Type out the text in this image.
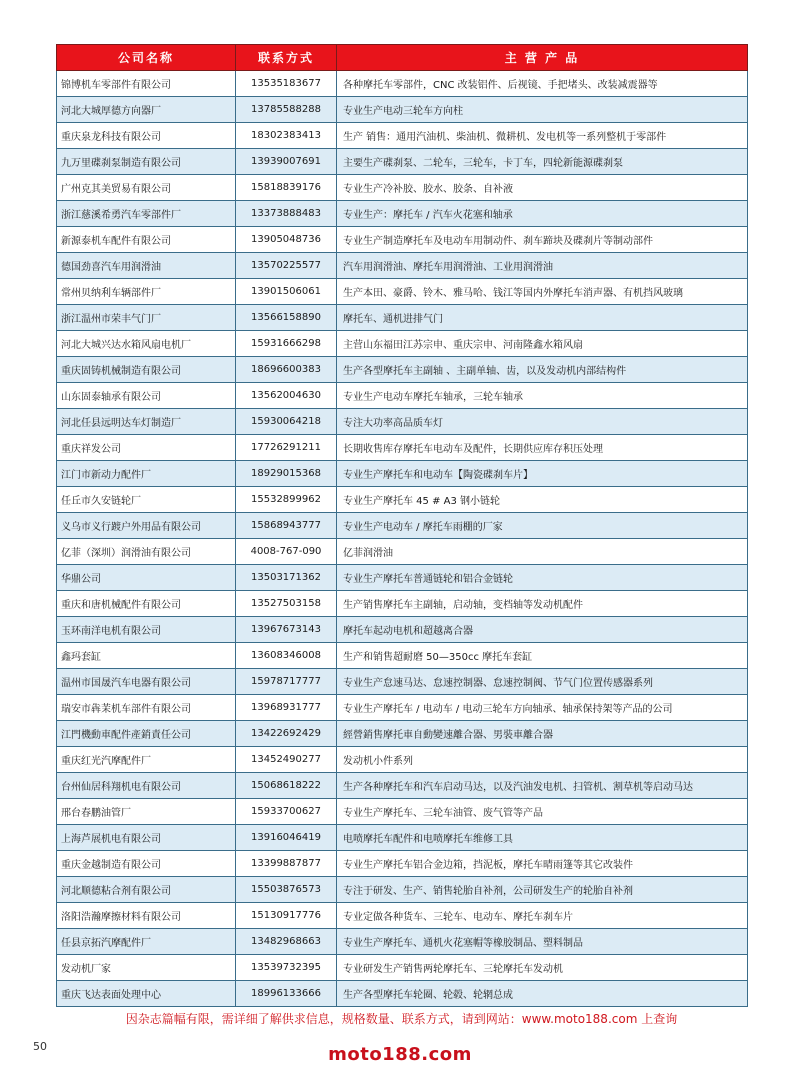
公司名称	联系方式	主 营 产 品
锦博机车零部件有限公司	13535183677	各种摩托车零部件，CNC 改装铝件、后视镜、手把堵头、改装减震器等
河北大城厚德方向器厂	13785588288	专业生产电动三轮车方向柱
重庆泉龙科技有限公司	18302383413	生产 销售：通用汽油机、柴油机、微耕机、发电机等一系列整机于零部件
九万里碟刹泵制造有限公司	13939007691	主要生产碟刹泵、二轮车，三轮车，卡丁车，四轮新能源碟刹泵
广州克其美贸易有限公司	15818839176	专业生产冷补胶、胶水、胶条、自补液
浙江慈溪希勇汽车零部件厂	13373888483	专业生产：摩托车 / 汽车火花塞和轴承
新源泰机车配件有限公司	13905048736	专业生产制造摩托车及电动车用制动件、刹车蹄块及碟刹片等制动部件
德国劲喜汽车用润滑油	13570225577	汽车用润滑油、摩托车用润滑油、工业用润滑油
常州贝纳利车辆部件厂	13901506061	生产本田、豪爵、铃木、雅马哈、钱江等国内外摩托车消声器、有机挡风玻璃
浙江温州市荣丰气门厂	13566158890	摩托车、通机进排气门
河北大城兴达水箱风扇电机厂	15931666298	主营山东福田江苏宗申、重庆宗申、河南隆鑫水箱风扇
重庆固铸机械制造有限公司	18696600383	生产各型摩托车主副轴 、主副单轴、齿，以及发动机内部结构件
山东固泰轴承有限公司	13562004630	专业生产电动车摩托车轴承，三轮车轴承
河北任县远明达车灯制造厂	15930064218	专注大功率高品质车灯
重庆祥发公司	17726291211	长期收售库存摩托车电动车及配件，长期供应库存积压处理
江门市新动力配件厂	18929015368	专业生产摩托车和电动车【陶瓷碟刹车片】
任丘市久安链轮厂	15532899962	专业生产摩托车 45 # A3 钢小链轮
义乌市义行踱户外用品有限公司	15868943777	专业生产电动车 / 摩托车雨棚的厂家
亿菲（深圳）润滑油有限公司	4008-767-090	亿菲润滑油
华鼎公司	13503171362	专业生产摩托车普通链轮和铝合金链轮
重庆和唐机械配件有限公司	13527503158	生产销售摩托车主副轴，启动轴，变档轴等发动机配件
玉环南洋电机有限公司	13967673143	摩托车起动电机和超越离合器
鑫玛套缸	13608346008	生产和销售超耐磨 50—350cc 摩托车套缸
温州市国晟汽车电器有限公司	15978717777	专业生产怠速马达、怠速控制器、怠速控制阀、节气门位置传感器系列
瑞安市犇茉机车部件有限公司	13968931777	专业生产摩托车 / 电动车 / 电动三轮车方向轴承、轴承保持架等产品的公司
江門機動車配件產銷責任公司	13422692429	經營銷售摩托車自動變速離合器、男裝車離合器
重庆红光汽摩配件厂	13452490277	发动机小件系列
台州仙居科翔机电有限公司	15068618222	生产各种摩托车和汽车启动马达，以及汽油发电机、扫管机、割草机等启动马达
邢台春鹏油管厂	15933700627	专业生产摩托车、三轮车油管、废气管等产品
上海芦展机电有限公司	13916046419	电喷摩托车配件和电喷摩托车维修工具
重庆金越制造有限公司	13399887877	专业生产摩托车铝合金边箱，挡泥板，摩托车晴雨篷等其它改装件
河北顺德粘合剂有限公司	15503876573	专注于研发、生产、销售轮胎自补剂，公司研发生产的轮胎自补剂
洛阳浩瀚摩擦材料有限公司	15130917776	专业定做各种货车、三轮车、电动车、摩托车刹车片
任县京拓汽摩配件厂	13482968663	专业生产摩托车、通机火花塞帽等橡胶制品、塑料制品
发动机厂家	13539732395	专业研发生产销售两轮摩托车、三轮摩托车发动机
重庆飞达表面处理中心	18996133666	生产各型摩托车轮圈、轮毂、轮辋总成
因杂志篇幅有限，需详细了解供求信息，规格数量、联系方式，请到网站：www.moto188.com 上查询
50	moto188.com
